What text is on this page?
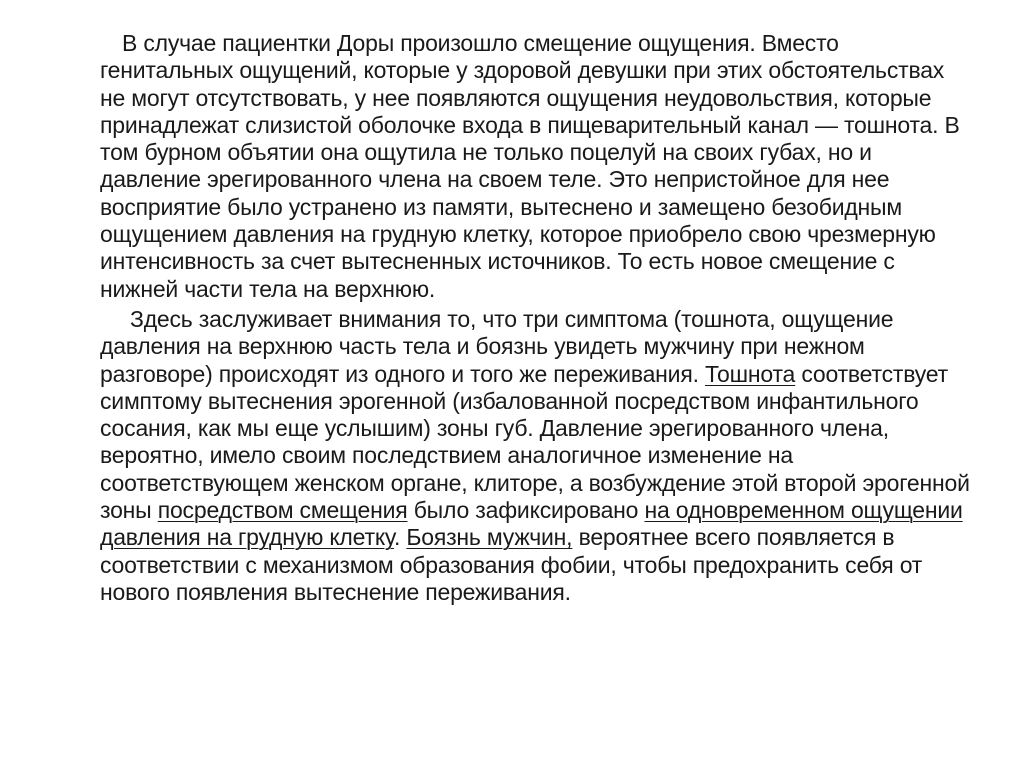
В случае пациентки Доры произошло смещение ощущения. Вместо генитальных ощущений, которые у здоровой девушки при этих обстоятельствах не могут отсутствовать, у нее появляются ощущения неудовольствия, которые принадлежат слизистой оболочке входа в пищеварительный канал — тошнота. В том бурном объятии она ощутила не только поцелуй на своих губах, но и давление эрегированного члена на своем теле. Это непристойное для нее восприятие было устранено из памяти, вытеснено и замещено безобидным ощущением давления на грудную клетку, которое приобрело свою чрезмерную интенсивность за счет вытесненных источников. То есть новое смещение с нижней части тела на верхнюю.

Здесь заслуживает внимания то, что три симптома (тошнота, ощущение давления на верхнюю часть тела и боязнь увидеть мужчину при нежном разговоре) происходят из одного и того же переживания. Тошнота соответствует симптому вытеснения эрогенной (избалованной посредством инфантильного сосания, как мы еще услышим) зоны губ. Давление эрегированного члена, вероятно, имело своим последствием аналогичное изменение на соответствующем женском органе, клиторе, а возбуждение этой второй эрогенной зоны посредством смещения было зафиксировано на одновременном ощущении давления на грудную клетку. Боязнь мужчин, вероятнее всего появляется в соответствии с механизмом образования фобии, чтобы предохранить себя от нового появления вытеснение переживания.
